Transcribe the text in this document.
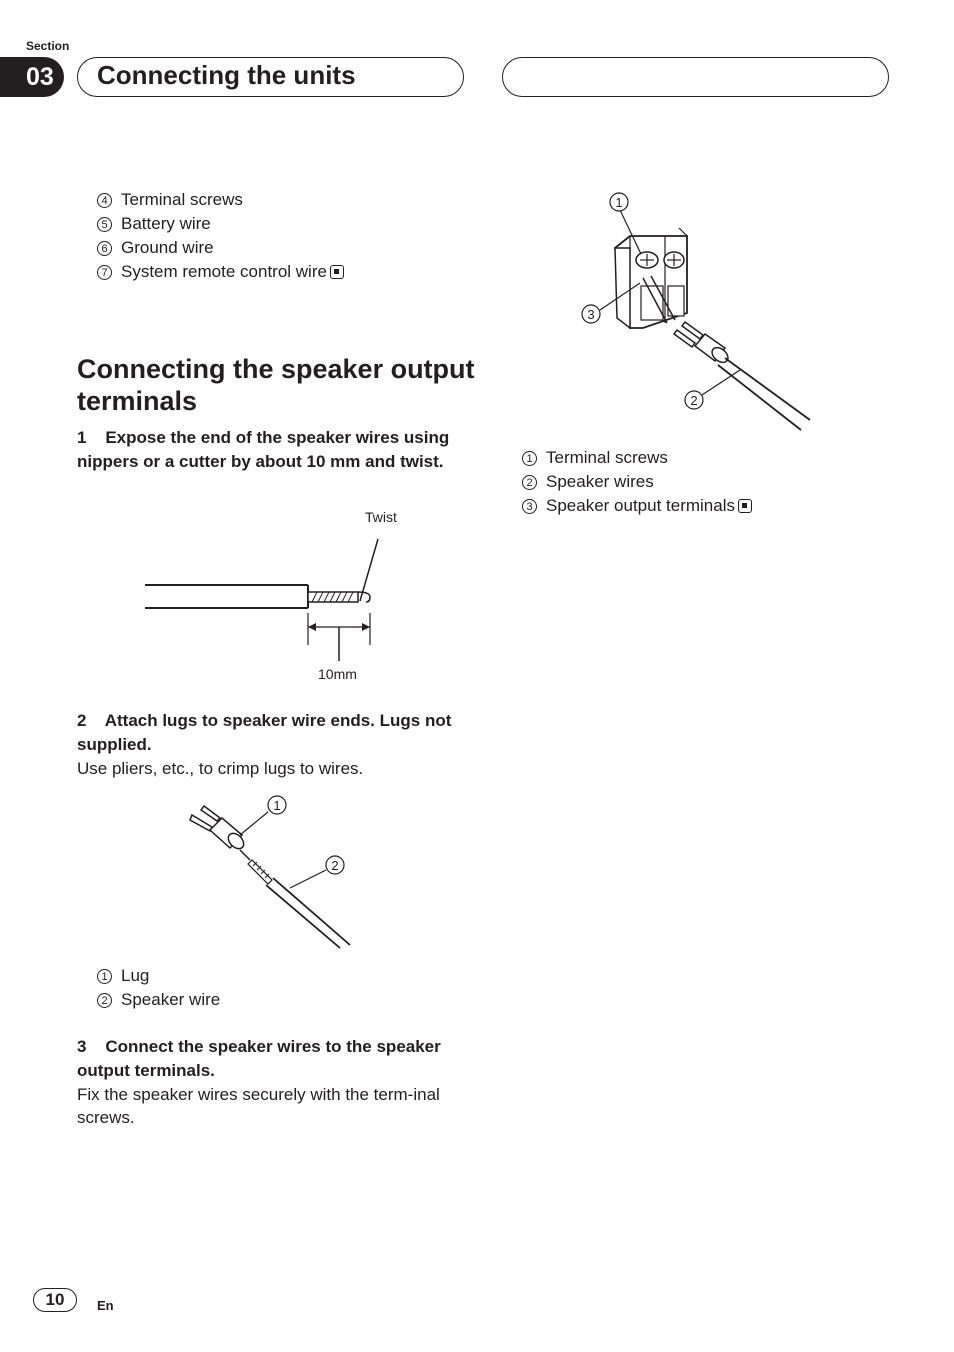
Section
03	Connecting the units
4 Terminal screws
5 Battery wire
6 Ground wire
7 System remote control wire
Connecting the speaker output terminals
1    Expose the end of the speaker wires using nippers or a cutter by about 10 mm and twist.
Twist
10mm
2    Attach lugs to speaker wire ends. Lugs not supplied.
Use pliers, etc., to crimp lugs to wires.
1
2
1 Lug
2 Speaker wire
3    Connect the speaker wires to the speaker output terminals.
Fix the speaker wires securely with the term-inal screws.
1
3
2
1 Terminal screws
2 Speaker wires
3 Speaker output terminals
10	En
